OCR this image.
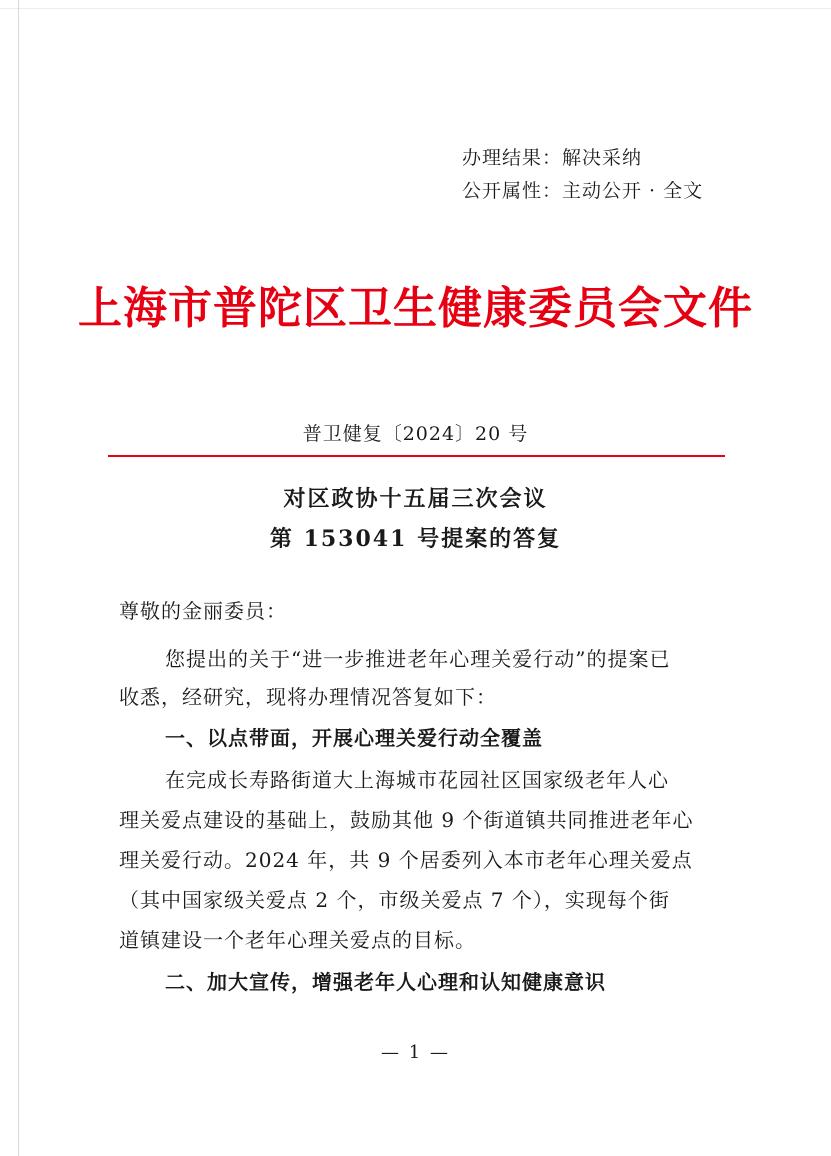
办理结果：解决采纳
公开属性：主动公开 · 全文
上海市普陀区卫生健康委员会文件
普卫健复〔2024〕20 号
对区政协十五届三次会议
第 153041 号提案的答复
尊敬的金丽委员：
您提出的关于“进一步推进老年心理关爱行动”的提案已
收悉，经研究，现将办理情况答复如下：
一、以点带面，开展心理关爱行动全覆盖
在完成长寿路街道大上海城市花园社区国家级老年人心
理关爱点建设的基础上，鼓励其他 9 个街道镇共同推进老年心
理关爱行动。2024 年，共 9 个居委列入本市老年心理关爱点
（其中国家级关爱点 2 个，市级关爱点 7 个），实现每个街
道镇建设一个老年心理关爱点的目标。
二、加大宣传，增强老年人心理和认知健康意识
— 1 —
